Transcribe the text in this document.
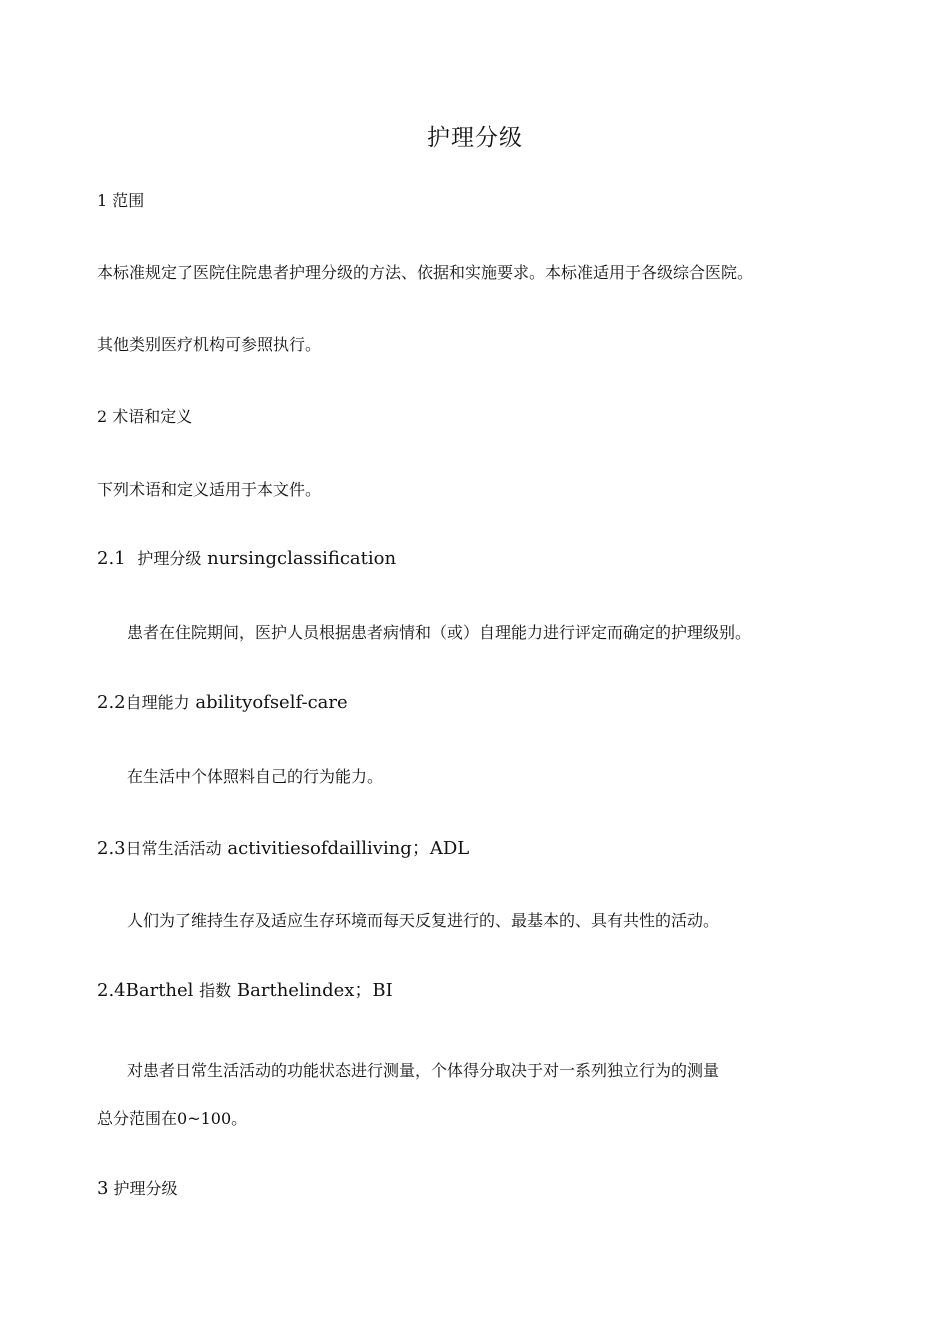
护理分级
1 范围

本标准规定了医院住院患者护理分级的方法、依据和实施要求。本标准适用于各级综合医院。

其他类别医疗机构可参照执行。

2 术语和定义

下列术语和定义适用于本文件。

2.1 护理分级 nursingclassification

患者在住院期间，医护人员根据患者病情和（或）自理能力进行评定而确定的护理级别。

2.2自理能力 abilityofself-care

在生活中个体照料自己的行为能力。

2.3日常生活活动 activitiesofdailliving；ADL

人们为了维持生存及适应生存环境而每天反复进行的、最基本的、具有共性的活动。

2.4Barthel 指数 Barthelindex；BI

对患者日常生活活动的功能状态进行测量，个体得分取决于对一系列独立行为的测量

总分范围在0~100。
3 护理分级
